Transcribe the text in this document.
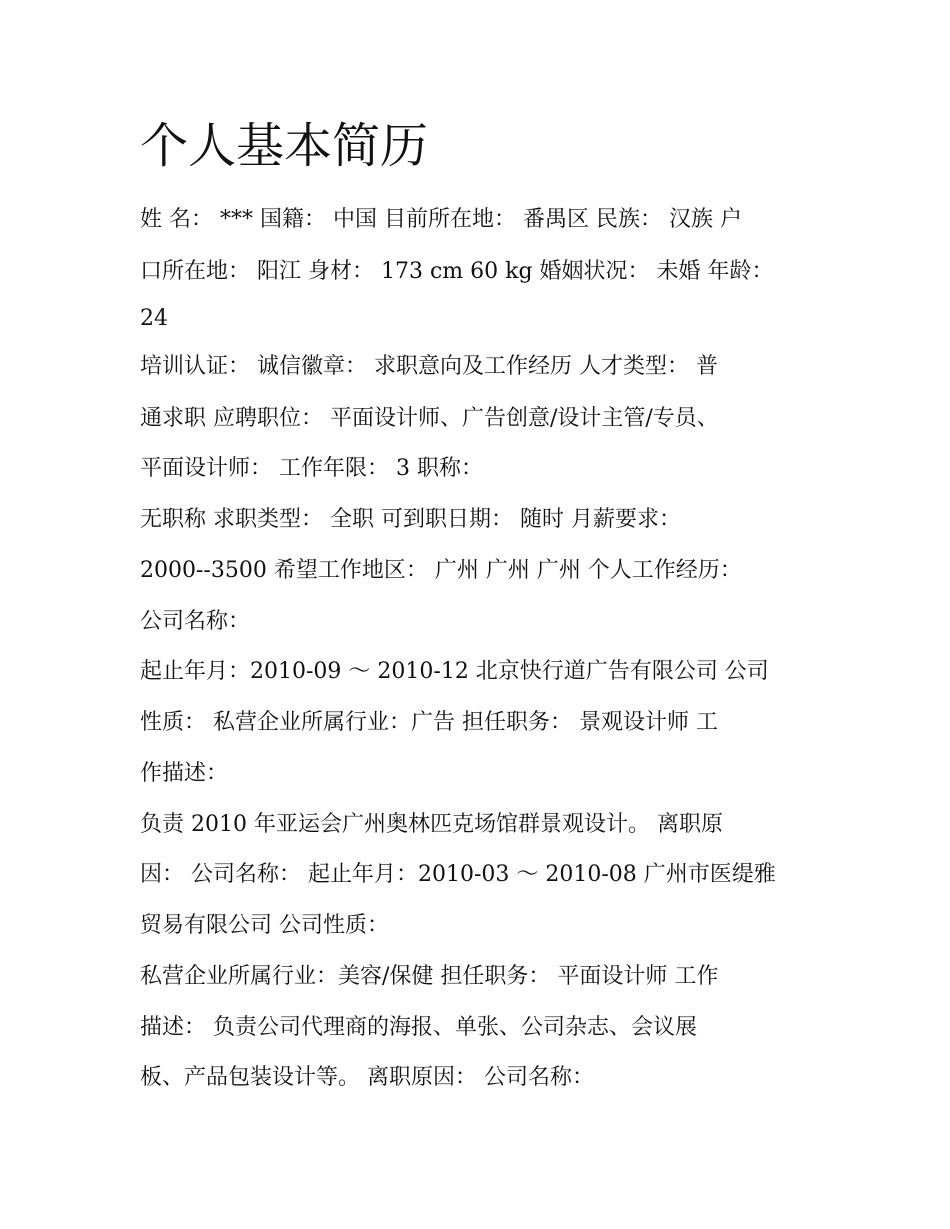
个人基本简历

姓 名： *** 国籍： 中国 目前所在地： 番禺区 民族： 汉族 户

口所在地： 阳江 身材： 173 cm 60 kg 婚姻状况： 未婚 年龄：

24

培训认证： 诚信徽章： 求职意向及工作经历 人才类型： 普

通求职 应聘职位： 平面设计师、广告创意/设计主管/专员、

平面设计师： 工作年限： 3 职称：

无职称 求职类型： 全职 可到职日期： 随时 月薪要求：

2000--3500 希望工作地区： 广州 广州 广州 个人工作经历：

公司名称：

起止年月：2010-09 ～ 2010-12 北京快行道广告有限公司 公司

性质： 私营企业所属行业：广告 担任职务： 景观设计师 工

作描述：

负责 2010 年亚运会广州奥林匹克场馆群景观设计。 离职原

因： 公司名称： 起止年月：2010-03 ～ 2010-08 广州市医缇雅

贸易有限公司 公司性质：

私营企业所属行业：美容/保健 担任职务： 平面设计师 工作

描述： 负责公司代理商的海报、单张、公司杂志、会议展

板、产品包装设计等。 离职原因： 公司名称：
